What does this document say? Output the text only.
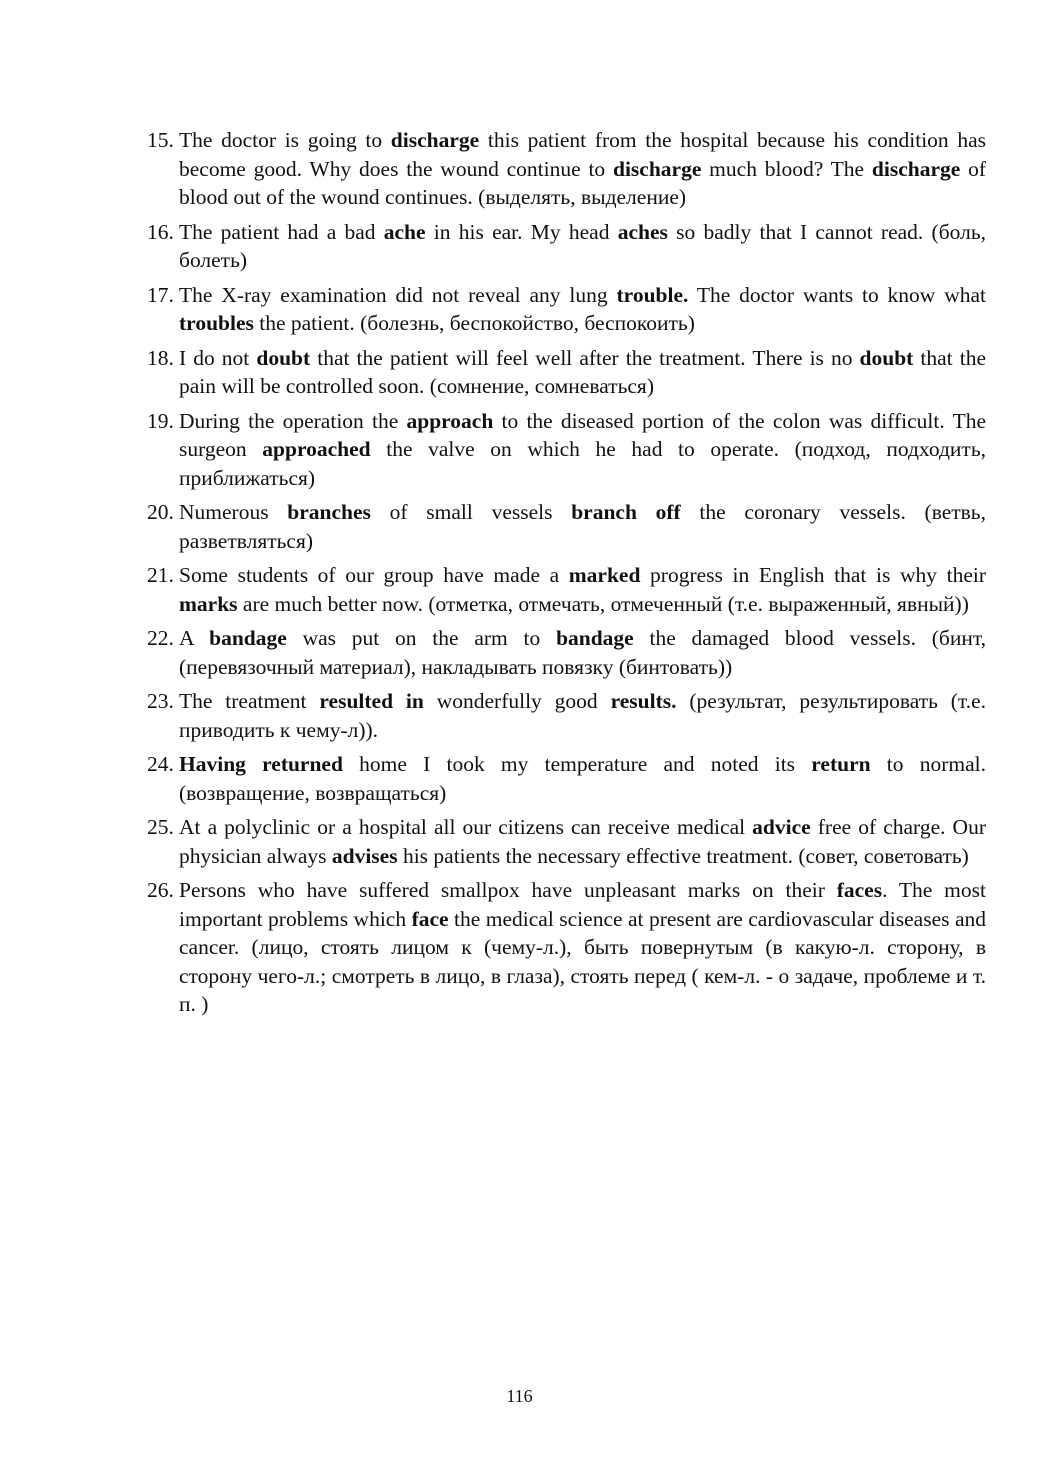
15. The doctor is going to discharge this patient from the hospital because his condition has become good. Why does the wound continue to discharge much blood? The discharge of blood out of the wound continues. (выделять, выделение)
16. The patient had a bad ache in his ear. My head aches so badly that I cannot read. (боль, болеть)
17. The X-ray examination did not reveal any lung trouble. The doctor wants to know what troubles the patient. (болезнь, беспокойство, беспокоить)
18. I do not doubt that the patient will feel well after the treatment. There is no doubt that the pain will be controlled soon. (сомнение, сомневаться)
19. During the operation the approach to the diseased portion of the colon was difficult. The surgeon approached the valve on which he had to operate. (подход, подходить, приближаться)
20. Numerous branches of small vessels branch off the coronary vessels. (ветвь, разветвляться)
21. Some students of our group have made a marked progress in English that is why their marks are much better now. (отметка, отмечать, отмеченный (т.е. выраженный, явный))
22. A bandage was put on the arm to bandage the damaged blood vessels. (бинт, (перевязочный материал), накладывать повязку (бинтовать))
23. The treatment resulted in wonderfully good results. (результат, результировать (т.е. приводить к чему-л)).
24. Having returned home I took my temperature and noted its return to normal. (возвращение, возвращаться)
25. At a polyclinic or a hospital all our citizens can receive medical advice free of charge. Our physician always advises his patients the necessary effective treatment. (совет, советовать)
26. Persons who have suffered smallpox have unpleasant marks on their faces. The most important problems which face the medical science at present are cardiovascular diseases and cancer. (лицо, стоять лицом к (чему-л.), быть повернутым (в какую-л. сторону, в сторону чего-л.; смотреть в лицо, в глаза), стоять перед ( кем-л. - о задаче, проблеме и т. п. )
116
